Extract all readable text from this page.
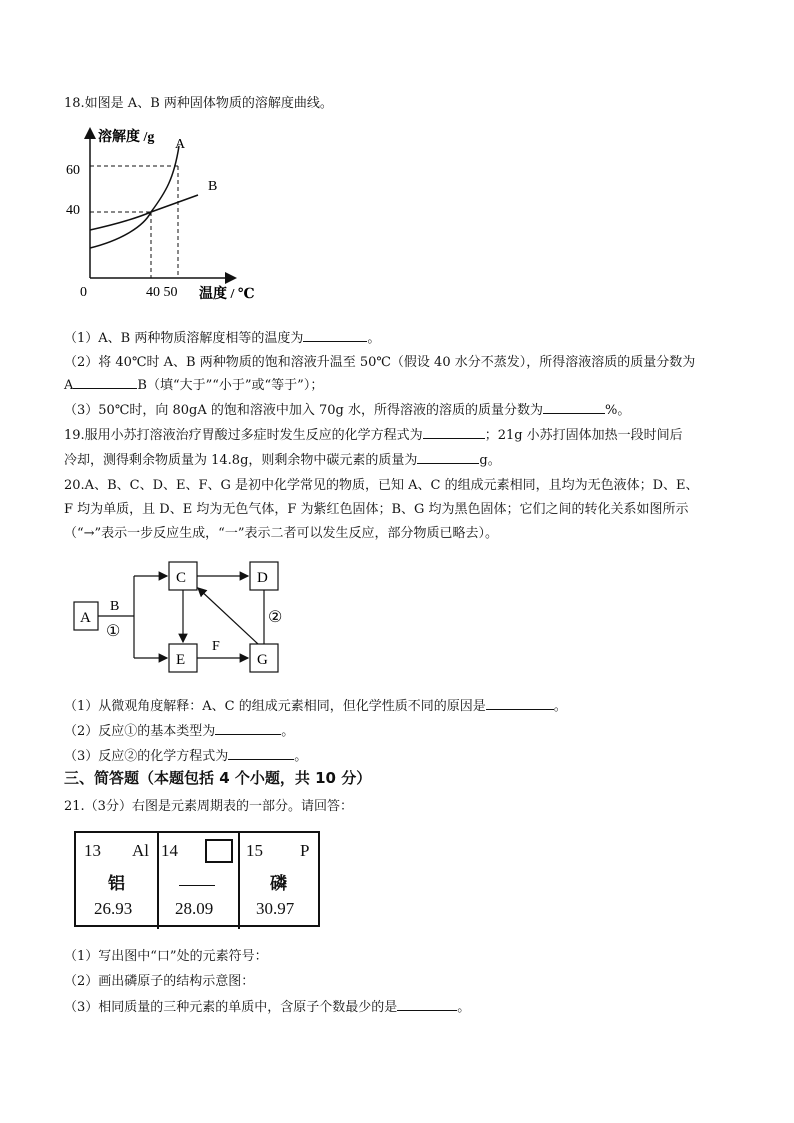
18.如图是 A、B 两种固体物质的溶解度曲线。
溶解度 /g
60
40
0	40 50 温度 / ℃
A
B
（1）A、B 两种物质溶解度相等的温度为	。
（2）将 40℃时 A、B 两种物质的饱和溶液升温至 50℃（假设 40 水分不蒸发），所得溶液溶质的质量分数为
A	B（填“大于”“小于”或“等于”）；
（3）50℃时，向 80gA 的饱和溶液中加入 70g 水，所得溶液的溶质的质量分数为	%。
19.服用小苏打溶液治疗胃酸过多症时发生反应的化学方程式为	；21g 小苏打固体加热一段时间后
冷却，测得剩余物质量为 14.8g，则剩余物中碳元素的质量为	g。
20.A、B、C、D、E、F、G 是初中化学常见的物质，已知 A、C 的组成元素相同，且均为无色液体；D、E、
F 均为单质，且 D、E 均为无色气体，F 为紫红色固体；B、G 均为黑色固体；它们之间的转化关系如图所示
（“→”表示一步反应生成，“一”表示二者可以发生反应，部分物质已略去）。
A
C	D
E	G
B
①
F
②
（1）从微观角度解释：A、C 的组成元素相同，但化学性质不同的原因是	。
（2）反应①的基本类型为	。
（3）反应②的化学方程式为	。
三、简答题（本题包括 4 个小题，共 10 分）
21.（3分）右图是元素周期表的一部分。请回答：
13 Al
铝
26.93
14
28.09
15 P
磷
30.97
（1）写出图中“口”处的元素符号：
（2）画出磷原子的结构示意图：
（3）相同质量的三种元素的单质中，含原子个数最少的是	。
